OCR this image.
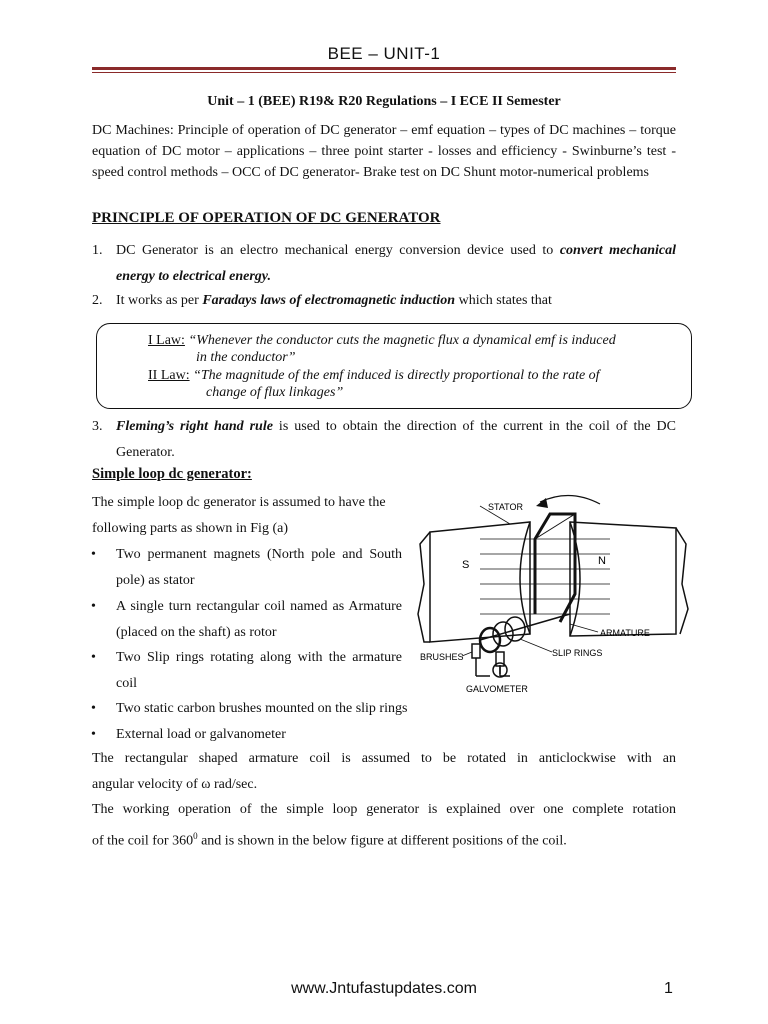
BEE – UNIT-1
Unit – 1 (BEE) R19& R20 Regulations – I ECE II Semester
DC Machines: Principle of operation of DC generator – emf equation – types of DC machines – torque equation of DC motor – applications – three point starter - losses and efficiency - Swinburne’s test - speed control methods – OCC of DC generator- Brake test on DC Shunt motor-numerical problems
PRINCIPLE OF OPERATION OF DC GENERATOR
1. DC Generator is an electro mechanical energy conversion device used to convert mechanical energy to electrical energy.
2. It works as per Faradays laws of electromagnetic induction which states that
I Law: “Whenever the conductor cuts the magnetic flux a dynamical emf is induced
in the conductor”
II Law: “The magnitude of the emf induced is directly proportional to the rate of
change of flux linkages”
3. Fleming’s right hand rule is used to obtain the direction of the current in the coil of the DC Generator.
Simple loop dc generator:
The simple loop dc generator is assumed to have the following parts as shown in Fig (a)
• Two permanent magnets (North pole and South pole) as stator
• A single turn rectangular coil named as Armature (placed on the shaft) as rotor
• Two Slip rings rotating along with the armature coil
• Two static carbon brushes mounted on the slip rings
• External load or galvanometer
STATOR
S	N
ARMATURE
SLIP RINGS
BRUSHES
GALVOMETER
The rectangular shaped armature coil is assumed to be rotated in anticlockwise with an
angular velocity of ω rad/sec.
The working operation of the simple loop generator is explained over one complete rotation
of the coil for $360^0$ and is shown in the below figure at different positions of the coil.
www.Jntufastupdates.com	1
